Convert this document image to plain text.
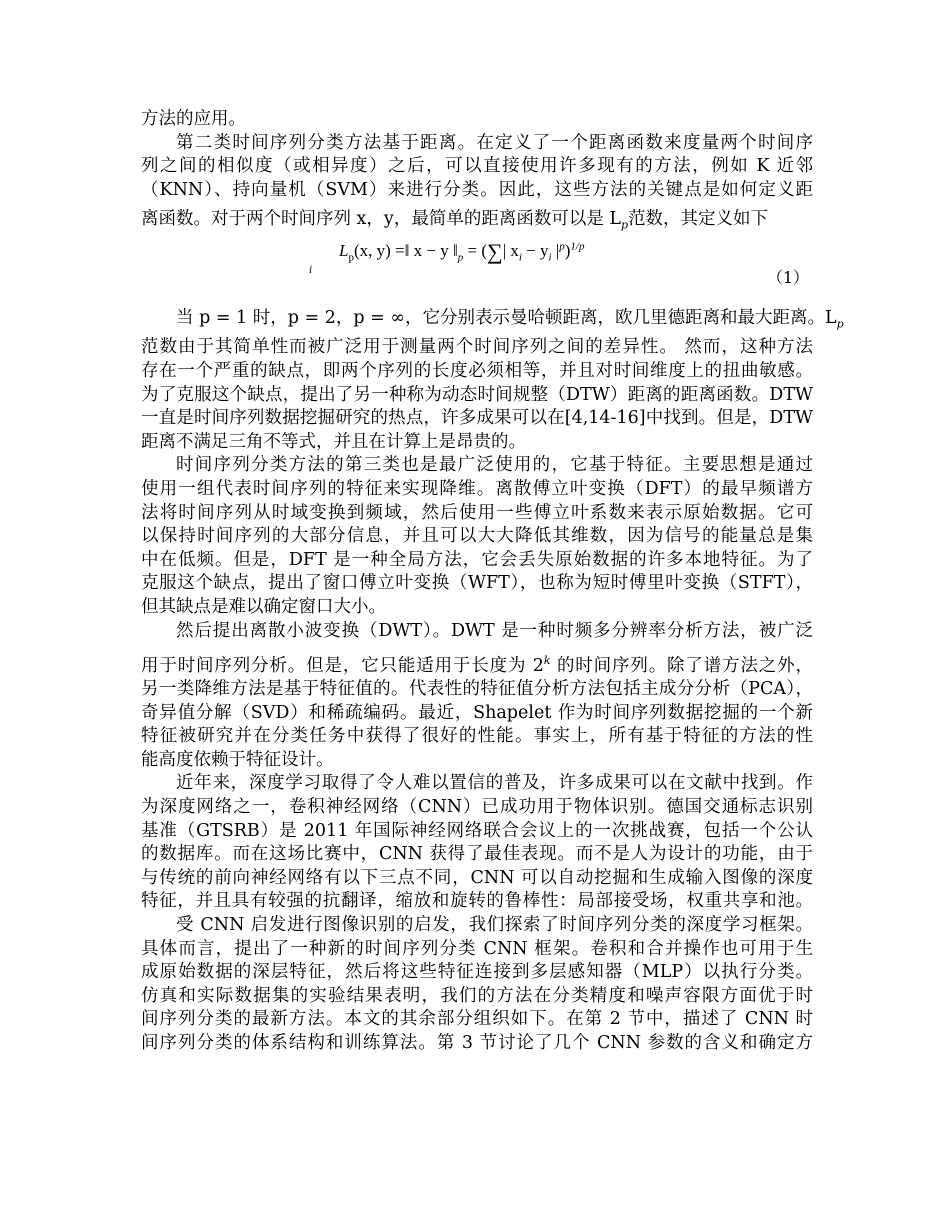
方法的应用。
第二类时间序列分类方法基于距离。在定义了一个距离函数来度量两个时间序
列之间的相似度（或相异度）之后，可以直接使用许多现有的方法，例如 K 近邻
（KNN）、持向量机（SVM）来进行分类。因此，这些方法的关键点是如何定义距
离函数。对于两个时间序列 x，y，最简单的距离函数可以是 $L_p$范数，其定义如下
$L_p(x$, y) =‖ x − y $‖_p$ = (∑| $x_i - y_i$ $|^p)^{1/p}$
i	（1）
当 p = 1 时，p = 2，p = ∞，它分别表示曼哈顿距离，欧几里德距离和最大距离。$L_p$
范数由于其简单性而被广泛用于测量两个时间序列之间的差异性。 然而，这种方法
存在一个严重的缺点，即两个序列的长度必须相等，并且对时间维度上的扭曲敏感。
为了克服这个缺点，提出了另一种称为动态时间规整（DTW）距离的距离函数。DTW
一直是时间序列数据挖掘研究的热点，许多成果可以在[4,14-16]中找到。但是，DTW
距离不满足三角不等式，并且在计算上是昂贵的。
时间序列分类方法的第三类也是最广泛使用的，它基于特征。主要思想是通过
使用一组代表时间序列的特征来实现降维。离散傅立叶变换（DFT）的最早频谱方
法将时间序列从时域变换到频域，然后使用一些傅立叶系数来表示原始数据。它可
以保持时间序列的大部分信息，并且可以大大降低其维数，因为信号的能量总是集
中在低频。但是，DFT 是一种全局方法，它会丢失原始数据的许多本地特征。为了
克服这个缺点，提出了窗口傅立叶变换（WFT），也称为短时傅里叶变换（STFT），
但其缺点是难以确定窗口大小。
然后提出离散小波变换（DWT）。DWT 是一种时频多分辨率分析方法，被广泛
用于时间序列分析。但是，它只能适用于长度为 2$^k$ 的时间序列。除了谱方法之外，
另一类降维方法是基于特征值的。代表性的特征值分析方法包括主成分分析（PCA），
奇异值分解（SVD）和稀疏编码。最近，Shapelet 作为时间序列数据挖掘的一个新
特征被研究并在分类任务中获得了很好的性能。事实上，所有基于特征的方法的性
能高度依赖于特征设计。
近年来，深度学习取得了令人难以置信的普及，许多成果可以在文献中找到。作
为深度网络之一，卷积神经网络（CNN）已成功用于物体识别。德国交通标志识别
基准（GTSRB）是 2011 年国际神经网络联合会议上的一次挑战赛，包括一个公认
的数据库。而在这场比赛中，CNN 获得了最佳表现。而不是人为设计的功能，由于
与传统的前向神经网络有以下三点不同，CNN 可以自动挖掘和生成输入图像的深度
特征，并且具有较强的抗翻译，缩放和旋转的鲁棒性：局部接受场，权重共享和池。
受 CNN 启发进行图像识别的启发，我们探索了时间序列分类的深度学习框架。
具体而言，提出了一种新的时间序列分类 CNN 框架。卷积和合并操作也可用于生
成原始数据的深层特征，然后将这些特征连接到多层感知器（MLP）以执行分类。
仿真和实际数据集的实验结果表明，我们的方法在分类精度和噪声容限方面优于时
间序列分类的最新方法。本文的其余部分组织如下。在第 2 节中，描述了 CNN 时
间序列分类的体系结构和训练算法。第 3 节讨论了几个 CNN 参数的含义和确定方
